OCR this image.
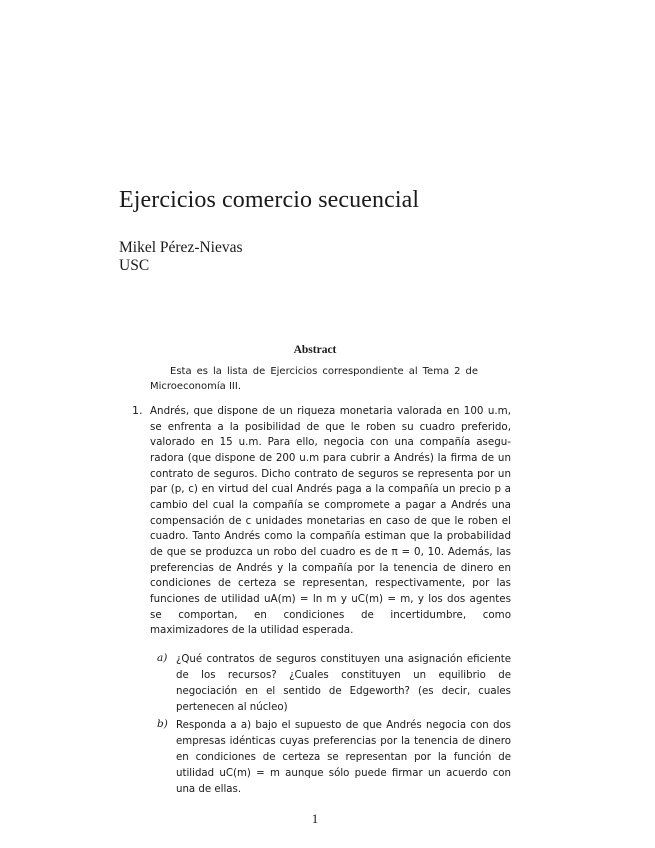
Ejercicios comercio secuencial
Mikel Pérez-Nievas
USC
Abstract
Esta es la lista de Ejercicios correspondiente al Tema 2 de Microeconomía III.
1. Andrés, que dispone de un riqueza monetaria valorada en 100 u.m, se enfrenta a la posibilidad de que le roben su cuadro preferido, valorado en 15 u.m. Para ello, negocia con una compañía aseguradora (que dispone de 200 u.m para cubrir a Andrés) la firma de un contrato de seguros. Dicho contrato de seguros se representa por un par (p, c) en virtud del cual Andrés paga a la compañía un precio p a cambio del cual la compañía se compromete a pagar a Andrés una compensación de c unidades monetarias en caso de que le roben el cuadro. Tanto Andrés como la compañía estiman que la probabilidad de que se produzca un robo del cuadro es de π = 0, 10. Además, las preferencias de Andrés y la compañía por la tenencia de dinero en condiciones de certeza se representan, respectivamente, por las funciones de utilidad uA(m) = ln m y uC(m) = m, y los dos agentes se comportan, en condiciones de incertidumbre, como maximizadores de la utilidad esperada.
a) ¿Qué contratos de seguros constituyen una asignación eficiente de los recursos? ¿Cuales constituyen un equilibrio de negociación en el sentido de Edgeworth? (es decir, cuales pertenecen al núcleo)
b) Responda a a) bajo el supuesto de que Andrés negocia con dos empresas idénticas cuyas preferencias por la tenencia de dinero en condiciones de certeza se representan por la función de utilidad uC(m) = m aunque sólo puede firmar un acuerdo con una de ellas.
1
